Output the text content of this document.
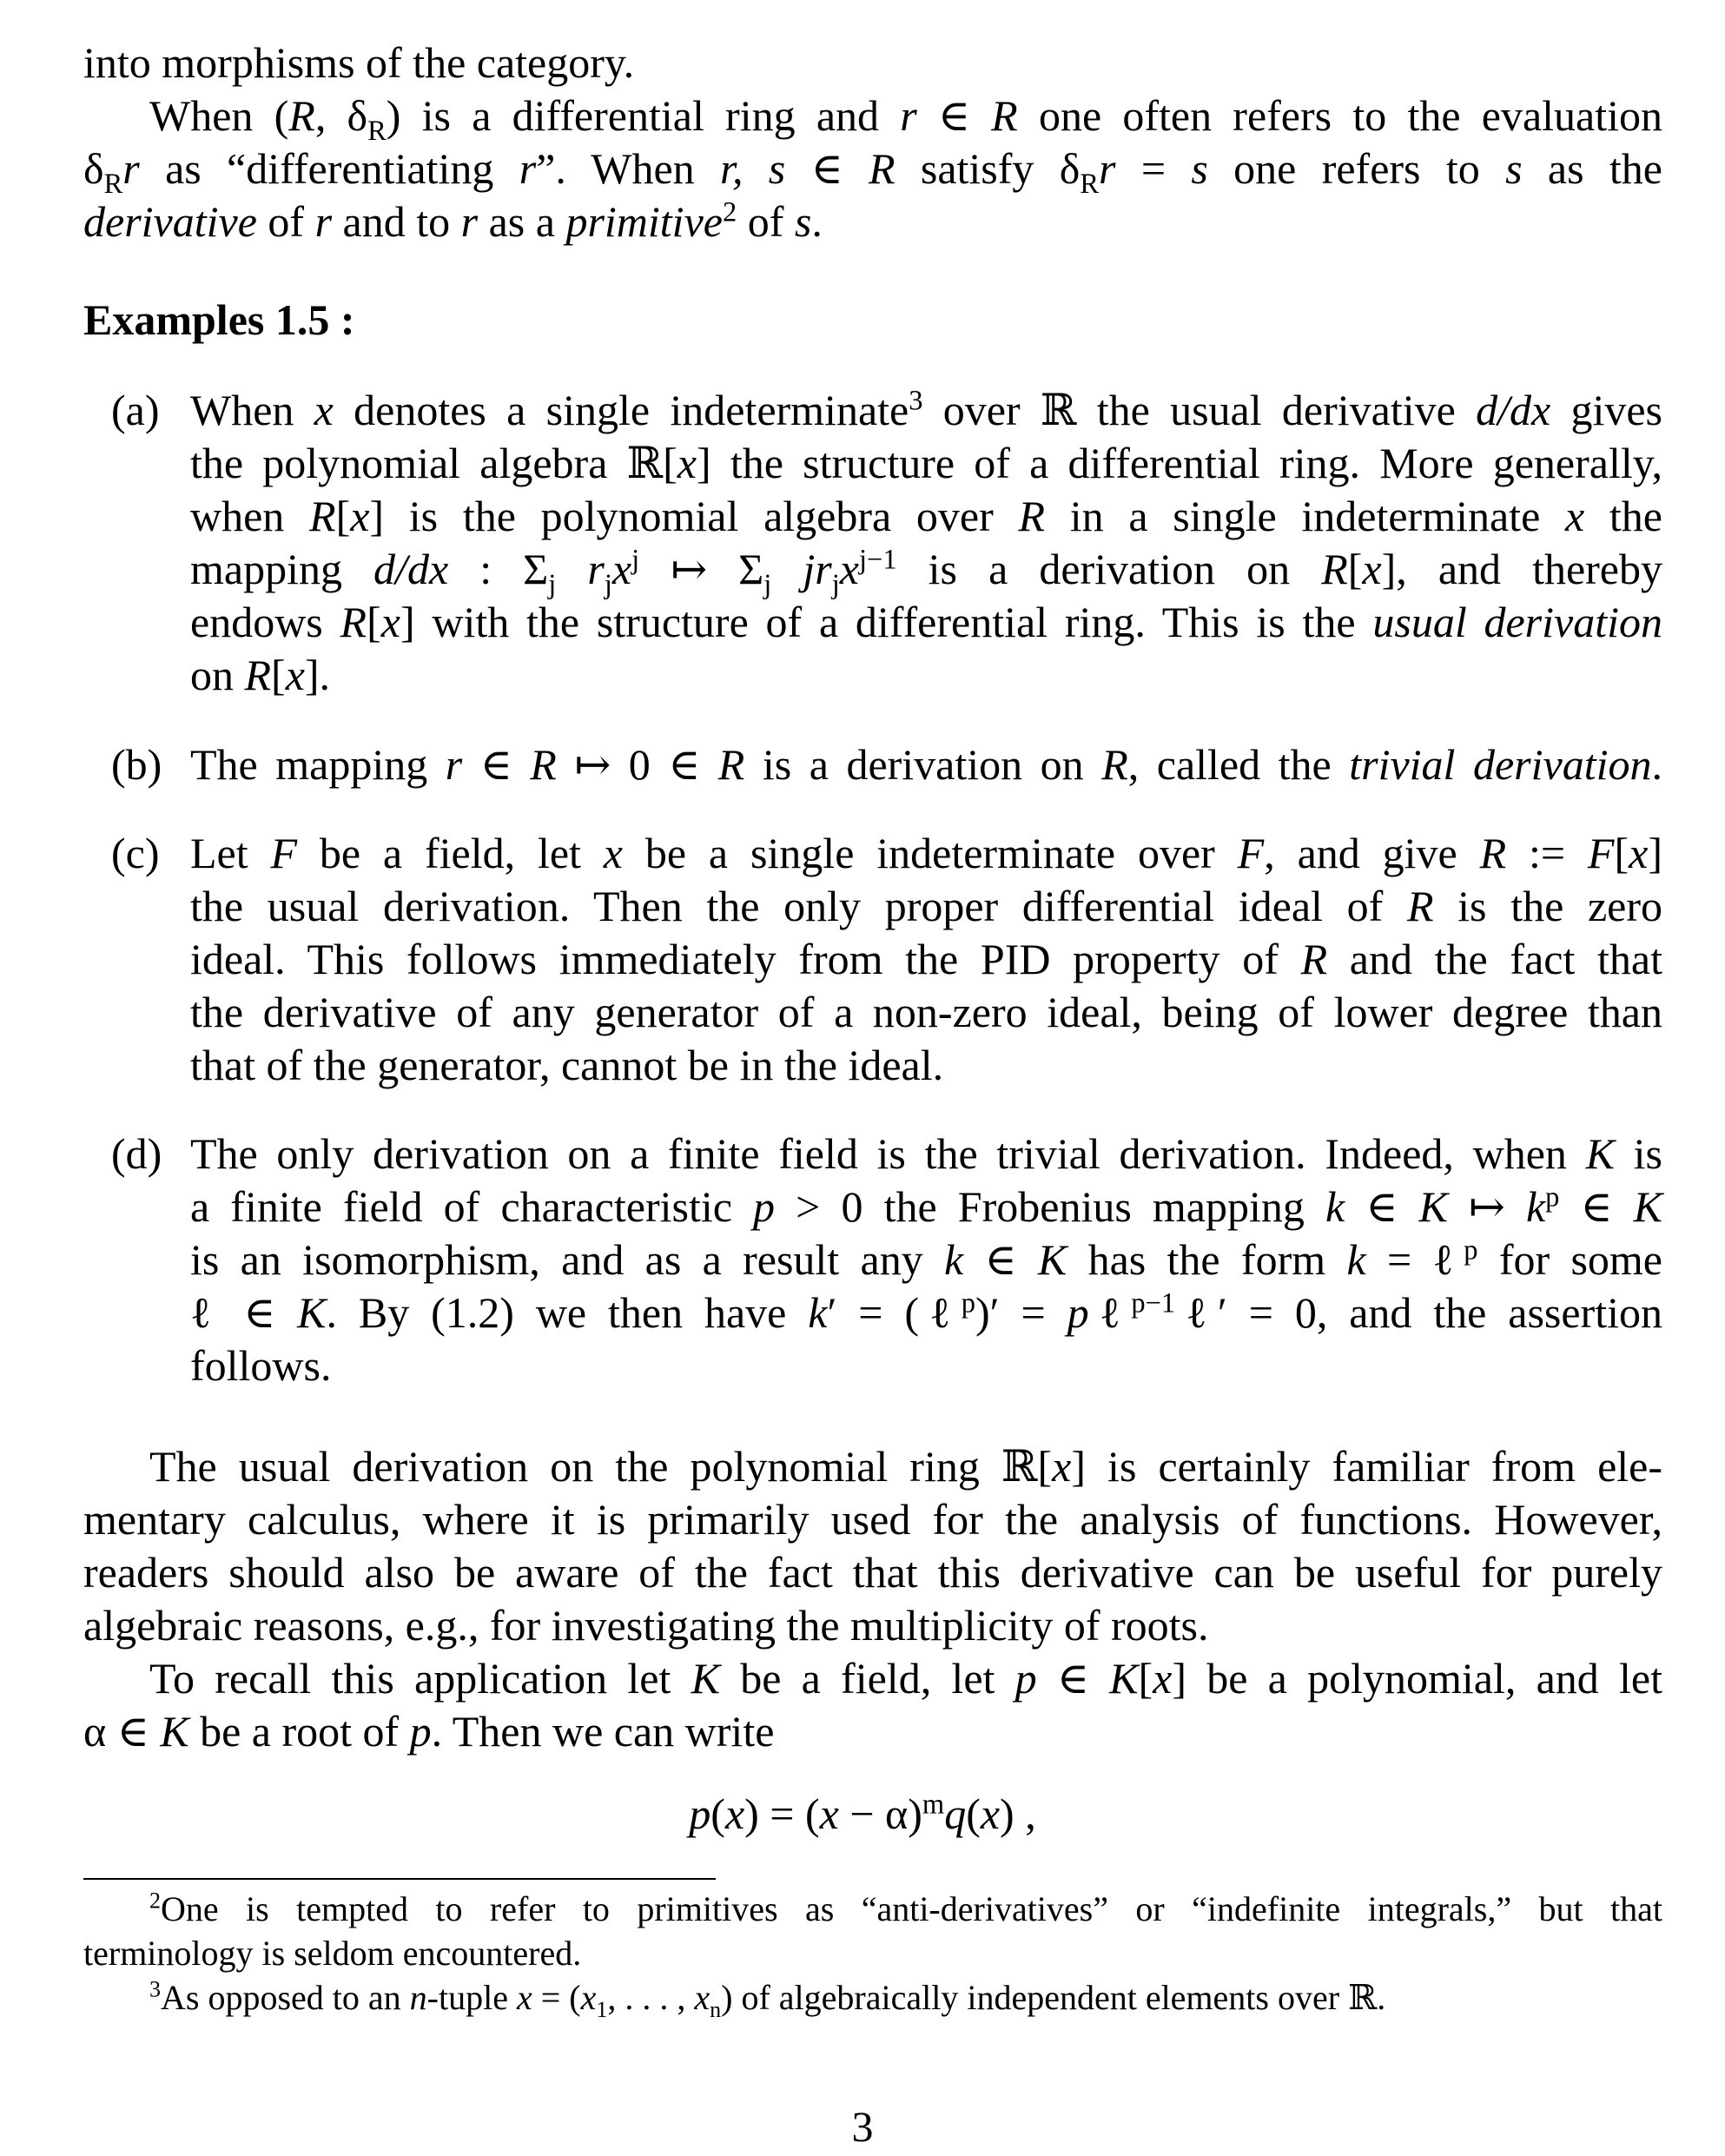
into morphisms of the category.
When (R, $\delta_R$) is a differential ring and r ∈ R one often refers to the evaluation
$\delta_Rr$ as “differentiating r”. When r, s ∈ R satisfy $\delta_Rr = s$ one refers to s as the
derivative of r and to r as a primitive$^2$ of s.
Examples 1.5 :
(a) When x denotes a single indeterminate$^3$ over ℝ the usual derivative d/dx gives
the polynomial algebra ℝ[x] the structure of a differential ring. More generally,
when R[x] is the polynomial algebra over R in a single indeterminate x the
mapping d/dx : $\Sigma_j$ $r_jx^j$ ↦ $\Sigma_j$ $jr_jx^{j-1}$ is a derivation on R[x], and thereby
endows R[x] with the structure of a differential ring. This is the usual derivation
on R[x].
(b) The mapping r ∈ R ↦ 0 ∈ R is a derivation on R, called the trivial derivation.
(c) Let F be a field, let x be a single indeterminate over F, and give R := F[x]
the usual derivation. Then the only proper differential ideal of R is the zero
ideal. This follows immediately from the PID property of R and the fact that
the derivative of any generator of a non-zero ideal, being of lower degree than
that of the generator, cannot be in the ideal.
(d) The only derivation on a finite field is the trivial derivation. Indeed, when K is
a finite field of characteristic p > 0 the Frobenius mapping k ∈ K ↦ $k^p$ ∈ K
is an isomorphism, and as a result any k ∈ K has the form k = ℓ$^p$ for some
ℓ ∈ K. By (1.2) we then have k′ = (ℓ$^p$)′ = pℓ$^{p-1}$ℓ′ = 0, and the assertion
follows.
The usual derivation on the polynomial ring ℝ[x] is certainly familiar from ele-
mentary calculus, where it is primarily used for the analysis of functions. However,
readers should also be aware of the fact that this derivative can be useful for purely
algebraic reasons, e.g., for investigating the multiplicity of roots.
To recall this application let K be a field, let p ∈ K[x] be a polynomial, and let
α ∈ K be a root of p. Then we can write
$p(x) = (x - \alpha)^mq(x)$ ,
$^2$One is tempted to refer to primitives as “anti-derivatives” or “indefinite integrals,” but that
terminology is seldom encountered.
$^3$As opposed to an n-tuple $x = (x_1$, . . . , $x_n$) of algebraically independent elements over ℝ.
3
